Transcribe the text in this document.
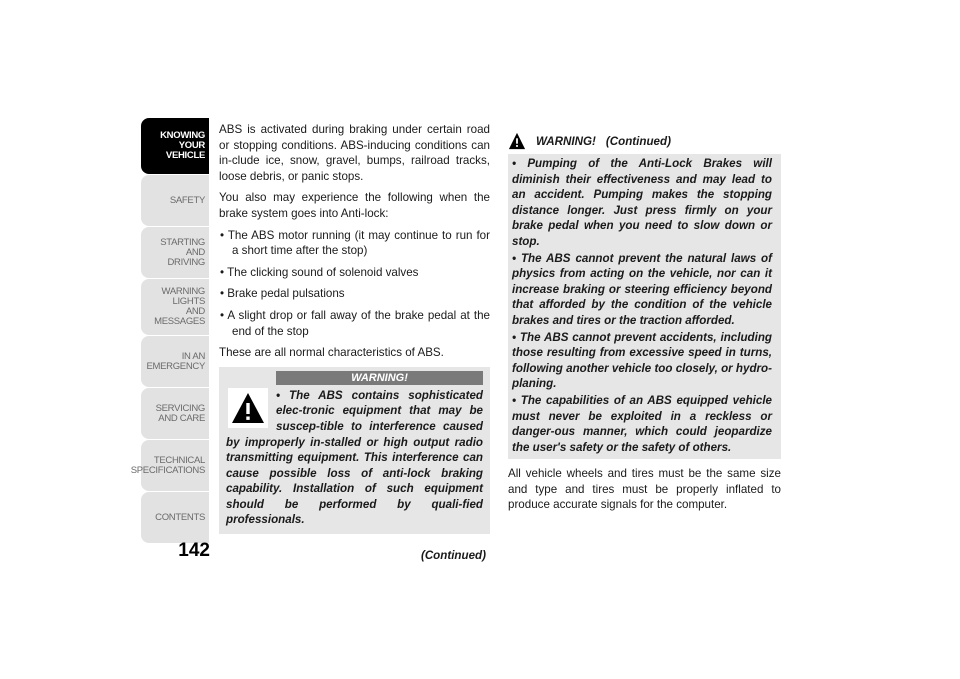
KNOWING
YOUR
VEHICLE
SAFETY
STARTING
AND
DRIVING
WARNING
LIGHTS
AND
MESSAGES
IN AN
EMERGENCY
SERVICING
AND CARE
TECHNICAL
SPECIFICATIONS
CONTENTS
142

ABS is activated during braking under certain road or stopping conditions. ABS-inducing conditions can in-clude ice, snow, gravel, bumps, railroad tracks, loose debris, or panic stops.

You also may experience the following when the brake system goes into Anti-lock:

• The ABS motor running (it may continue to run for a short time after the stop)
• The clicking sound of solenoid valves
• Brake pedal pulsations
• A slight drop or fall away of the brake pedal at the end of the stop

These are all normal characteristics of ABS.

WARNING!
• The ABS contains sophisticated elec-tronic equipment that may be suscep-tible to interference caused by improperly in-stalled or high output radio transmitting equipment. This interference can cause possible loss of anti-lock braking capability. Installation of such equipment should be performed by quali-fied professionals.
(Continued)
WARNING! (Continued)

• Pumping of the Anti-Lock Brakes will diminish their effectiveness and may lead to an accident. Pumping makes the stopping distance longer. Just press firmly on your brake pedal when you need to slow down or stop.

• The ABS cannot prevent the natural laws of physics from acting on the vehicle, nor can it increase braking or steering efficiency beyond that afforded by the condition of the vehicle brakes and tires or the traction afforded.

• The ABS cannot prevent accidents, including those resulting from excessive speed in turns, following another vehicle too closely, or hydro-planing.

• The capabilities of an ABS equipped vehicle must never be exploited in a reckless or danger-ous manner, which could jeopardize the user's safety or the safety of others.

All vehicle wheels and tires must be the same size and type and tires must be properly inflated to produce accurate signals for the computer.
